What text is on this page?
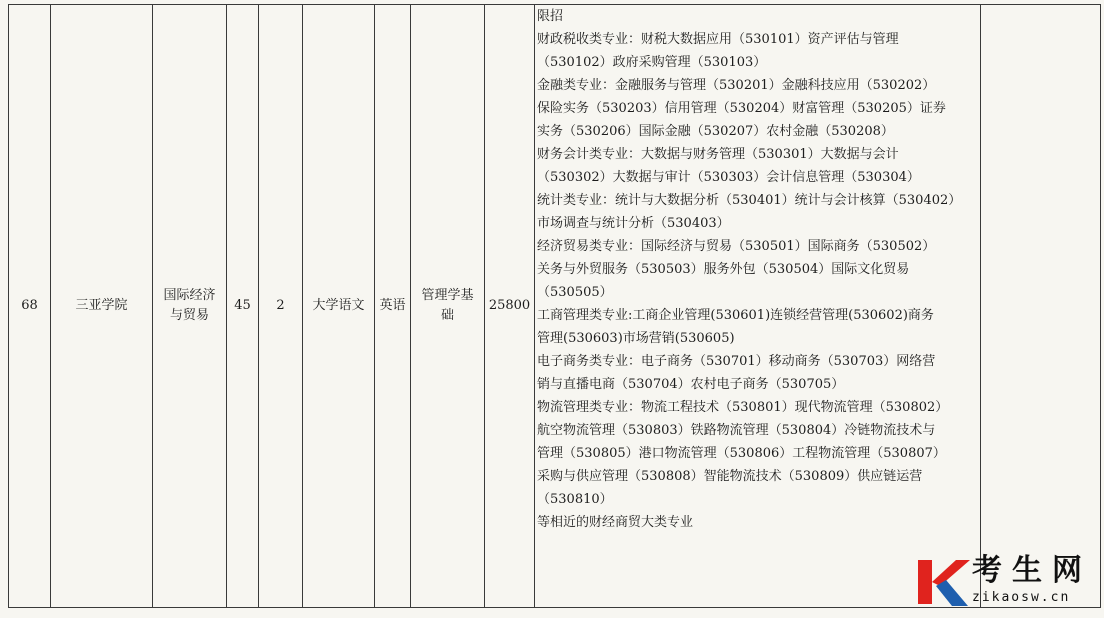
68	三亚学院	国际经济 与贸易	45	2	大学语文	英语	管理学基 础	25800	
限招
财政税收类专业：财税大数据应用（530101）资产评估与管理
（530102）政府采购管理（530103）
金融类专业：金融服务与管理（530201）金融科技应用（530202）
保险实务（530203）信用管理（530204）财富管理（530205）证券
实务（530206）国际金融（530207）农村金融（530208）
财务会计类专业：大数据与财务管理（530301）大数据与会计
（530302）大数据与审计（530303）会计信息管理（530304）
统计类专业：统计与大数据分析（530401）统计与会计核算（530402）
市场调查与统计分析（530403）
经济贸易类专业：国际经济与贸易（530501）国际商务（530502）
关务与外贸服务（530503）服务外包（530504）国际文化贸易
（530505）
工商管理类专业:工商企业管理(530601)连锁经营管理(530602)商务
管理(530603)市场营销(530605)
电子商务类专业：电子商务（530701）移动商务（530703）网络营
销与直播电商（530704）农村电子商务（530705）
物流管理类专业：物流工程技术（530801）现代物流管理（530802）
航空物流管理（530803）铁路物流管理（530804）冷链物流技术与
管理（530805）港口物流管理（530806）工程物流管理（530807）
采购与供应管理（530808）智能物流技术（530809）供应链运营
（530810）
等相近的财经商贸大类专业

考生网
zikaosw.cn
